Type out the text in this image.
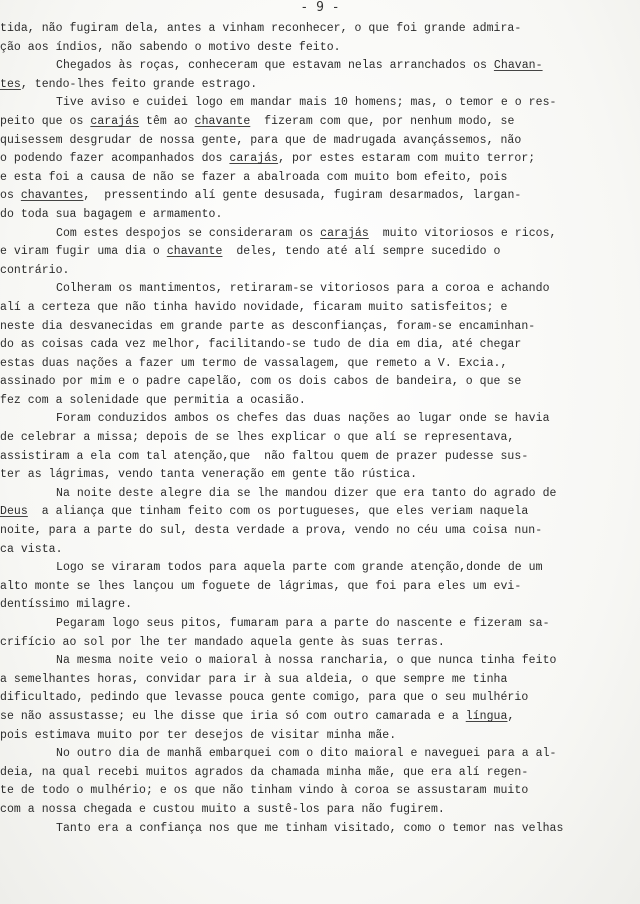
- 9 -
tida, não fugiram dela, antes a vinham reconhecer, o que foi grande admira-
ção aos índios, não sabendo o motivo deste feito.
Chegados às roças, conheceram que estavam nelas arranchados os Chavan-
tes, tendo-lhes feito grande estrago.
Tive aviso e cuidei logo em mandar mais 10 homens; mas, o temor e o res-
peito que os carajás têm ao chavante  fizeram com que, por nenhum modo, se
quisessem desgrudar de nossa gente, para que de madrugada avançássemos, não
o podendo fazer acompanhados dos carajás, por estes estaram com muito terror;
e esta foi a causa de não se fazer a abalroada com muito bom efeito, pois
os chavantes,  pressentindo alí gente desusada, fugiram desarmados, largan-
do toda sua bagagem e armamento.
Com estes despojos se consideraram os carajás  muito vitoriosos e ricos,
e viram fugir uma dia o chavante  deles, tendo até alí sempre sucedido o
contrário.
Colheram os mantimentos, retiraram-se vitoriosos para a coroa e achando
alí a certeza que não tinha havido novidade, ficaram muito satisfeitos; e
neste dia desvanecidas em grande parte as desconfianças, foram-se encaminhan-
do as coisas cada vez melhor, facilitando-se tudo de dia em dia, até chegar
estas duas nações a fazer um termo de vassalagem, que remeto a V. Excia.,
assinado por mim e o padre capelão, com os dois cabos de bandeira, o que se
fez com a solenidade que permitia a ocasião.
Foram conduzidos ambos os chefes das duas nações ao lugar onde se havia
de celebrar a missa; depois de se lhes explicar o que alí se representava,
assistiram a ela com tal atenção,que  não faltou quem de prazer pudesse sus-
ter as lágrimas, vendo tanta veneração em gente tão rústica.
Na noite deste alegre dia se lhe mandou dizer que era tanto do agrado de
Deus  a aliança que tinham feito com os portugueses, que eles veriam naquela
noite, para a parte do sul, desta verdade a prova, vendo no céu uma coisa nun-
ca vista.
Logo se viraram todos para aquela parte com grande atenção,donde de um
alto monte se lhes lançou um foguete de lágrimas, que foi para eles um evi-
dentíssimo milagre.
Pegaram logo seus pitos, fumaram para a parte do nascente e fizeram sa-
crifício ao sol por lhe ter mandado aquela gente às suas terras.
Na mesma noite veio o maioral à nossa rancharia, o que nunca tinha feito
a semelhantes horas, convidar para ir à sua aldeia, o que sempre me tinha
dificultado, pedindo que levasse pouca gente comigo, para que o seu mulhério
se não assustasse; eu lhe disse que iria só com outro camarada e a língua,
pois estimava muito por ter desejos de visitar minha mãe.
No outro dia de manhã embarquei com o dito maioral e naveguei para a al-
deia, na qual recebi muitos agrados da chamada minha mãe, que era alí regen-
te de todo o mulhério; e os que não tinham vindo à coroa se assustaram muito
com a nossa chegada e custou muito a sustê-los para não fugirem.
Tanto era a confiança nos que me tinham visitado, como o temor nas velhas
